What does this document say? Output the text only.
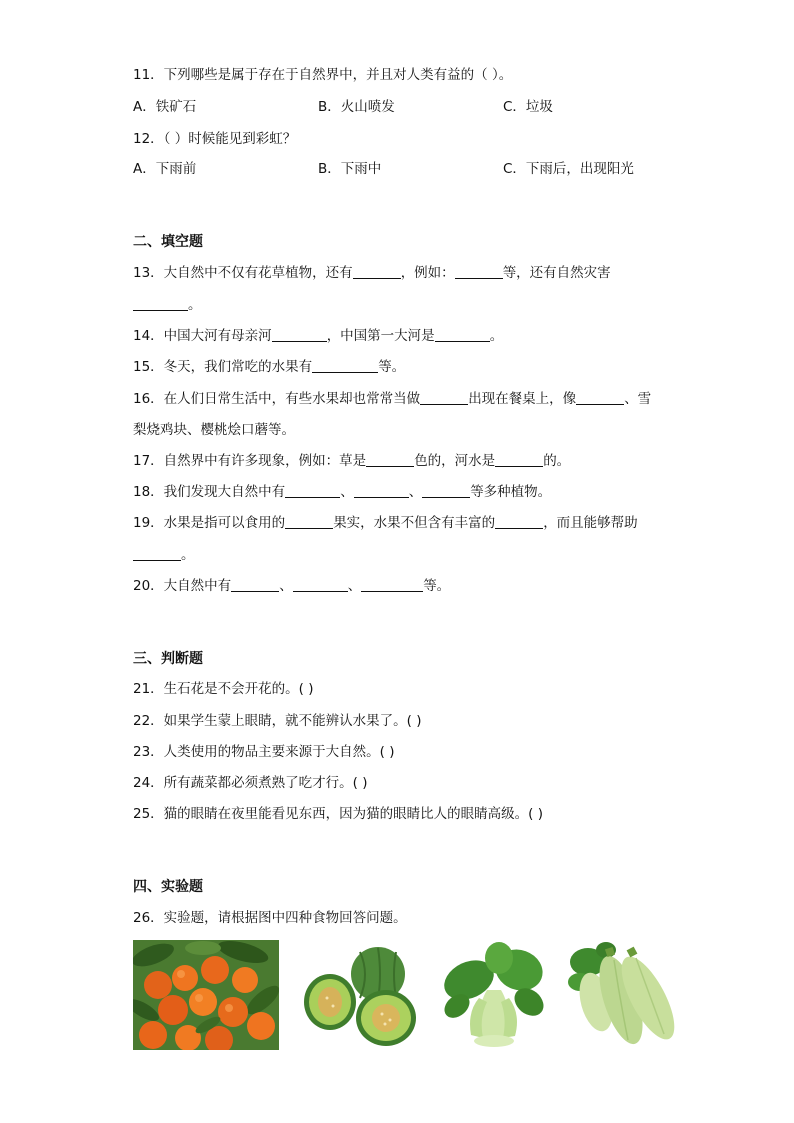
11．下列哪些是属于存在于自然界中，并且对人类有益的（ ）。
A．铁矿石	B．火山喷发	C．垃圾
12．（ ）时候能见到彩虹？
A．下雨前	B．下雨中	C．下雨后，出现阳光
二、填空题
13．大自然中不仅有花草植物，还有	，例如：	等，还有自然灾害
。
14．中国大河有母亲河	，中国第一大河是	。
15．冬天，我们常吃的水果有	等。
16．在人们日常生活中，有些水果却也常常当做	出现在餐桌上，像	、雪
梨烧鸡块、樱桃烩口蘑等。
17．自然界中有许多现象，例如：草是	色的，河水是	的。
18．我们发现大自然中有	、	、	等多种植物。
19．水果是指可以食用的	果实，水果不但含有丰富的	，而且能够帮助
。
20．大自然中有	、	、	等。
三、判断题
21．生石花是不会开花的。( )
22．如果学生蒙上眼睛，就不能辨认水果了。( )
23．人类使用的物品主要来源于大自然。( )
24．所有蔬菜都必须煮熟了吃才行。( )
25．猫的眼睛在夜里能看见东西，因为猫的眼睛比人的眼睛高级。( )
四、实验题
26．实验题，请根据图中四种食物回答问题。
